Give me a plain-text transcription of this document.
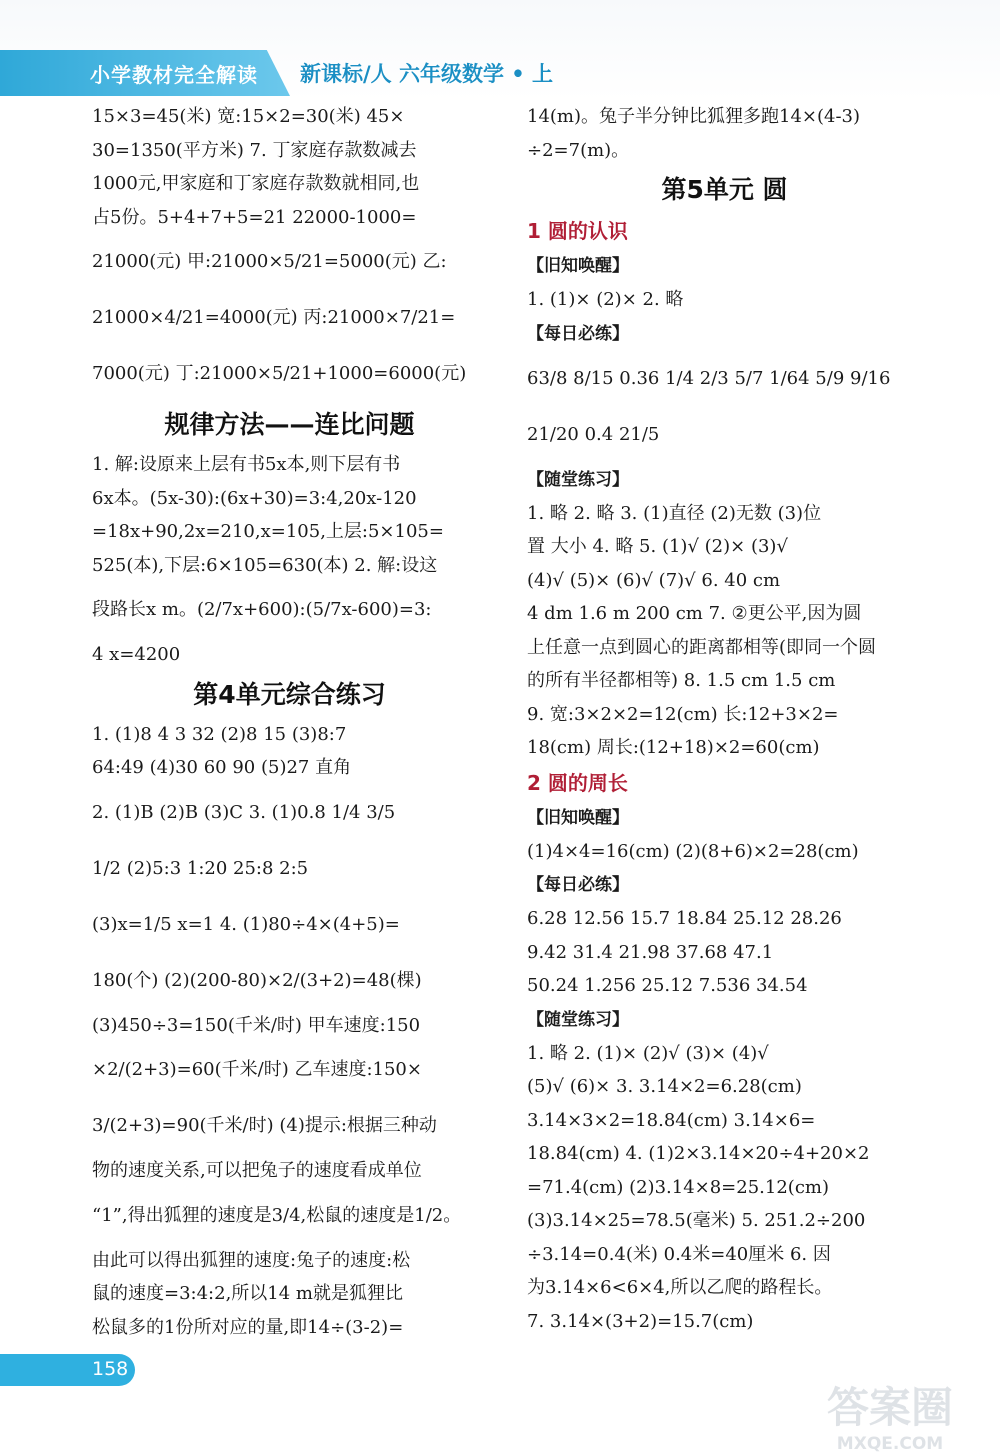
小学教材完全解读 新课标/人 六年级数学 • 上
15×3=45(米) 宽:15×2=30(米) 45×
30=1350(平方米) 7. 丁家庭存款数减去
1000元,甲家庭和丁家庭存款数就相同,也
占5份。5+4+7+5=21 22000-1000=
21000(元) 甲:21000×5/21=5000(元) 乙:
21000×4/21=4000(元) 丙:21000×7/21=
7000(元) 丁:21000×5/21+1000=6000(元)
规律方法——连比问题
1. 解:设原来上层有书5x本,则下层有书
6x本。(5x-30):(6x+30)=3:4,20x-120
=18x+90,2x=210,x=105,上层:5×105=
525(本),下层:6×105=630(本) 2. 解:设这
段路长x m。(2/7x+600):(5/7x-600)=3:
4 x=4200
第4单元综合练习
1. (1)8 4 3 32 (2)8 15 (3)8:7
64:49 (4)30 60 90 (5)27 直角
2. (1)B (2)B (3)C 3. (1)0.8 1/4 3/5
1/2 (2)5:3 1:20 25:8 2:5
(3)x=1/5 x=1 4. (1)80÷4×(4+5)=
180(个) (2)(200-80)×2/(3+2)=48(棵)
(3)450÷3=150(千米/时) 甲车速度:150
×2/(2+3)=60(千米/时) 乙车速度:150×
3/(2+3)=90(千米/时) (4)提示:根据三种动
物的速度关系,可以把兔子的速度看成单位
“1”,得出狐狸的速度是3/4,松鼠的速度是1/2。
由此可以得出狐狸的速度:兔子的速度:松
鼠的速度=3:4:2,所以14 m就是狐狸比
松鼠多的1份所对应的量,即14÷(3-2)=
14(m)。兔子半分钟比狐狸多跑14×(4-3)
÷2=7(m)。
第5单元 圆
1 圆的认识
【旧知唤醒】
1. (1)× (2)× 2. 略
【每日必练】
63/8 8/15 0.36 1/4 2/3 5/7 1/64 5/9 9/16
21/20 0.4 21/5
【随堂练习】
1. 略 2. 略 3. (1)直径 (2)无数 (3)位
置 大小 4. 略 5. (1)√ (2)× (3)√
(4)√ (5)× (6)√ (7)√ 6. 40 cm
4 dm 1.6 m 200 cm 7. ②更公平,因为圆
上任意一点到圆心的距离都相等(即同一个圆
的所有半径都相等) 8. 1.5 cm 1.5 cm
9. 宽:3×2×2=12(cm) 长:12+3×2=
18(cm) 周长:(12+18)×2=60(cm)
2 圆的周长
【旧知唤醒】
(1)4×4=16(cm) (2)(8+6)×2=28(cm)
【每日必练】
6.28 12.56 15.7 18.84 25.12 28.26
9.42 31.4 21.98 37.68 47.1
50.24 1.256 25.12 7.536 34.54
【随堂练习】
1. 略 2. (1)× (2)√ (3)× (4)√
(5)√ (6)× 3. 3.14×2=6.28(cm)
3.14×3×2=18.84(cm) 3.14×6=
18.84(cm) 4. (1)2×3.14×20÷4+20×2
=71.4(cm) (2)3.14×8=25.12(cm)
(3)3.14×25=78.5(毫米) 5. 251.2÷200
÷3.14=0.4(米) 0.4米=40厘米 6. 因
为3.14×6<6×4,所以乙爬的路程长。
7. 3.14×(3+2)=15.7(cm)
158
答案圈
MXQE.COM
